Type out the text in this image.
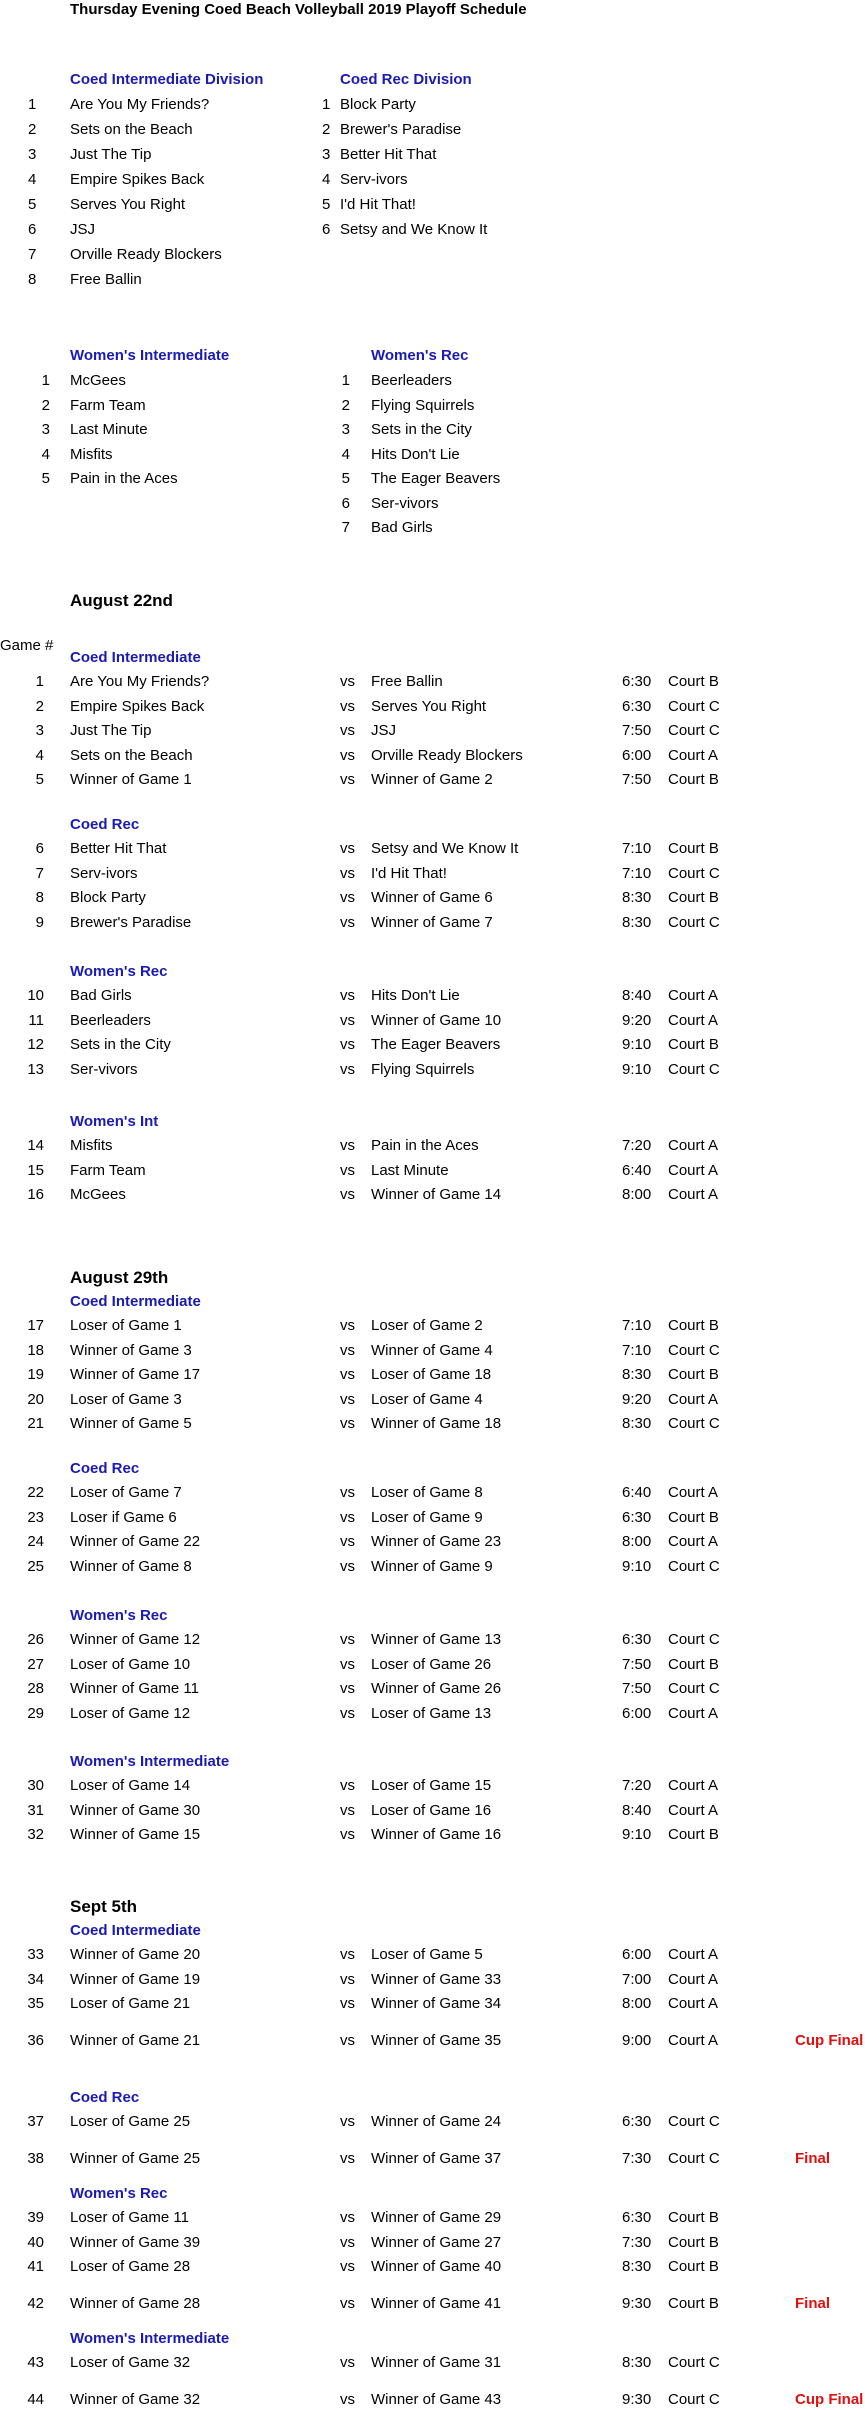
Thursday Evening Coed Beach Volleyball 2019 Playoff Schedule
Game #
Coed Intermediate Division
1 Are You My Friends?
2 Sets on the Beach
3 Just The Tip
4 Empire Spikes Back
5 Serves You Right
6 JSJ
7 Orville Ready Blockers
8 Free Ballin
Coed Rec Division
1 Block Party
2 Brewer's Paradise
3 Better Hit That
4 Serv-ivors
5 I'd Hit That!
6 Setsy and We Know It
Women's Intermediate
1 McGees
2 Farm Team
3 Last Minute
4 Misfits
5 Pain in the Aces
Women's Rec
1 Beerleaders
2 Flying Squirrels
3 Sets in the City
4 Hits Don't Lie
5 The Eager Beavers
6 Ser-vivors
7 Bad Girls
August 22nd
Coed Intermediate
1 Are You My Friends?	vs Free Ballin	6:30 Court B
2 Empire Spikes Back	vs Serves You Right	6:30 Court C
3 Just The Tip	vs JSJ	7:50 Court C
4 Sets on the Beach	vs Orville Ready Blockers	6:00 Court A
5 Winner of Game 1	vs Winner of Game 2	7:50 Court B
Coed Rec
6 Better Hit That	vs Setsy and We Know It	7:10 Court B
7 Serv-ivors	vs I'd Hit That!	7:10 Court C
8 Block Party	vs Winner of Game 6	8:30 Court B
9 Brewer's Paradise	vs Winner of Game 7	8:30 Court C
Women's Rec
10 Bad Girls	vs Hits Don't Lie	8:40 Court A
11 Beerleaders	vs Winner of Game 10	9:20 Court A
12 Sets in the City	vs The Eager Beavers	9:10 Court B
13 Ser-vivors	vs Flying Squirrels	9:10 Court C
Women's Int
14 Misfits	vs Pain in the Aces	7:20 Court A
15 Farm Team	vs Last Minute	6:40 Court A
16 McGees	vs Winner of Game 14	8:00 Court A
August 29th
Coed Intermediate
17 Loser of Game 1	vs Loser of Game 2	7:10 Court B
18 Winner of Game 3	vs Winner of Game 4	7:10 Court C
19 Winner of Game 17	vs Loser of Game 18	8:30 Court B
20 Loser of Game 3	vs Loser of Game 4	9:20 Court A
21 Winner of Game 5	vs Winner of Game 18	8:30 Court C
Coed Rec
22 Loser of Game 7	vs Loser of Game 8	6:40 Court A
23 Loser if Game 6	vs Loser of Game 9	6:30 Court B
24 Winner of Game 22	vs Winner of Game 23	8:00 Court A
25 Winner of Game 8	vs Winner of Game 9	9:10 Court C
Women's Rec
26 Winner of Game 12	vs Winner of Game 13	6:30 Court C
27 Loser of Game 10	vs Loser of Game 26	7:50 Court B
28 Winner of Game 11	vs Winner of Game 26	7:50 Court C
29 Loser of Game 12	vs Loser of Game 13	6:00 Court A
Women's Intermediate
30 Loser of Game 14	vs Loser of Game 15	7:20 Court A
31 Winner of Game 30	vs Loser of Game 16	8:40 Court A
32 Winner of Game 15	vs Winner of Game 16	9:10 Court B
Sept 5th
Coed Intermediate
33 Winner of Game 20	vs Loser of Game 5	6:00 Court A
34 Winner of Game 19	vs Winner of Game 33	7:00 Court A
35 Loser of Game 21	vs Winner of Game 34	8:00 Court A
36 Winner of Game 21	vs Winner of Game 35	9:00 Court A	Cup Final
Coed Rec
37 Loser of Game 25	vs Winner of Game 24	6:30 Court C
38 Winner of Game 25	vs Winner of Game 37	7:30 Court C	Final
Women's Rec
39 Loser of Game 11	vs Winner of Game 29	6:30 Court B
40 Winner of Game 39	vs Winner of Game 27	7:30 Court B
41 Loser of Game 28	vs Winner of Game 40	8:30 Court B
42 Winner of Game 28	vs Winner of Game 41	9:30 Court B	Final
Women's Intermediate
43 Loser of Game 32	vs Winner of Game 31	8:30 Court C
44 Winner of Game 32	vs Winner of Game 43	9:30 Court C	Cup Final
